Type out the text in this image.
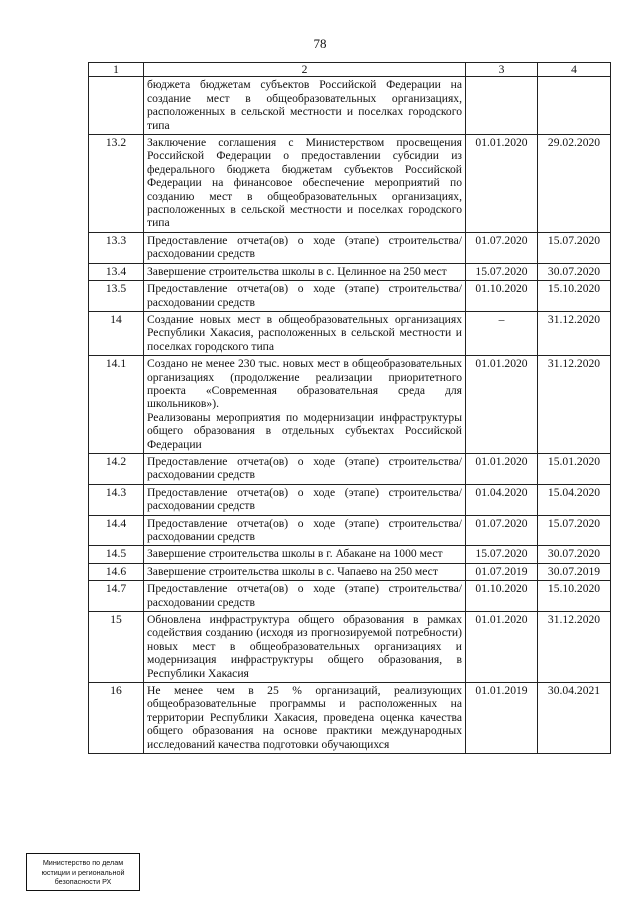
78
1	2	3	4

	бюджета бюджетам субъектов Российской Федерации на создание мест в общеобразовательных организациях, расположенных в сельской местности и поселках городского типа		

13.2	Заключение соглашения с Министерством просвещения Российской Федерации о предоставлении субсидии из федерального бюджета бюджетам субъектов Российской Федерации на финансовое обеспечение мероприятий по созданию мест в общеобразовательных организациях, расположенных в сельской местности и поселках городского типа	01.01.2020	29.02.2020
13.3	Предоставление отчета(ов) о ходе (этапе) строительства/расходовании средств	01.07.2020	15.07.2020
13.4	Завершение строительства школы в с. Целинное на 250 мест	15.07.2020	30.07.2020
13.5	Предоставление отчета(ов) о ходе (этапе) строительства/расходовании средств	01.10.2020	15.10.2020
14	Создание новых мест в общеобразовательных организациях Республики Хакасия, расположенных в сельской местности и поселках городского типа	–	31.12.2020
14.1	Создано не менее 230 тыс. новых мест в общеобразовательных организациях (продолжение реализации приоритетного проекта «Современная образовательная среда для школьников»).
Реализованы мероприятия по модернизации инфраструктуры общего образования в отдельных субъектах Российской Федерации	01.01.2020	31.12.2020
14.2	Предоставление отчета(ов) о ходе (этапе) строительства/ расходовании средств	01.01.2020	15.01.2020
14.3	Предоставление отчета(ов) о ходе (этапе) строительства/ расходовании средств	01.04.2020	15.04.2020
14.4	Предоставление отчета(ов) о ходе (этапе) строительства/ расходовании средств	01.07.2020	15.07.2020
14.5	Завершение строительства школы в г. Абакане на 1000 мест	15.07.2020	30.07.2020
14.6	Завершение строительства школы в с. Чапаево на 250 мест	01.07.2019	30.07.2019
14.7	Предоставление отчета(ов) о ходе (этапе) строительства/ расходовании средств	01.10.2020	15.10.2020
15	Обновлена инфраструктура общего образования в рамках содействия созданию (исходя из прогнозируемой потребности) новых мест в общеобразовательных организациях и модернизация инфраструктуры общего образования, в Республики Хакасия	01.01.2020	31.12.2020
16	Не менее чем в 25 % организаций, реализующих общеобразовательные программы и расположенных на территории Республики Хакасия, проведена оценка качества общего образования на основе практики международных исследований качества подготовки обучающихся	01.01.2019	30.04.2021
Министерство по делам
юстиции и региональной
безопасности РХ
